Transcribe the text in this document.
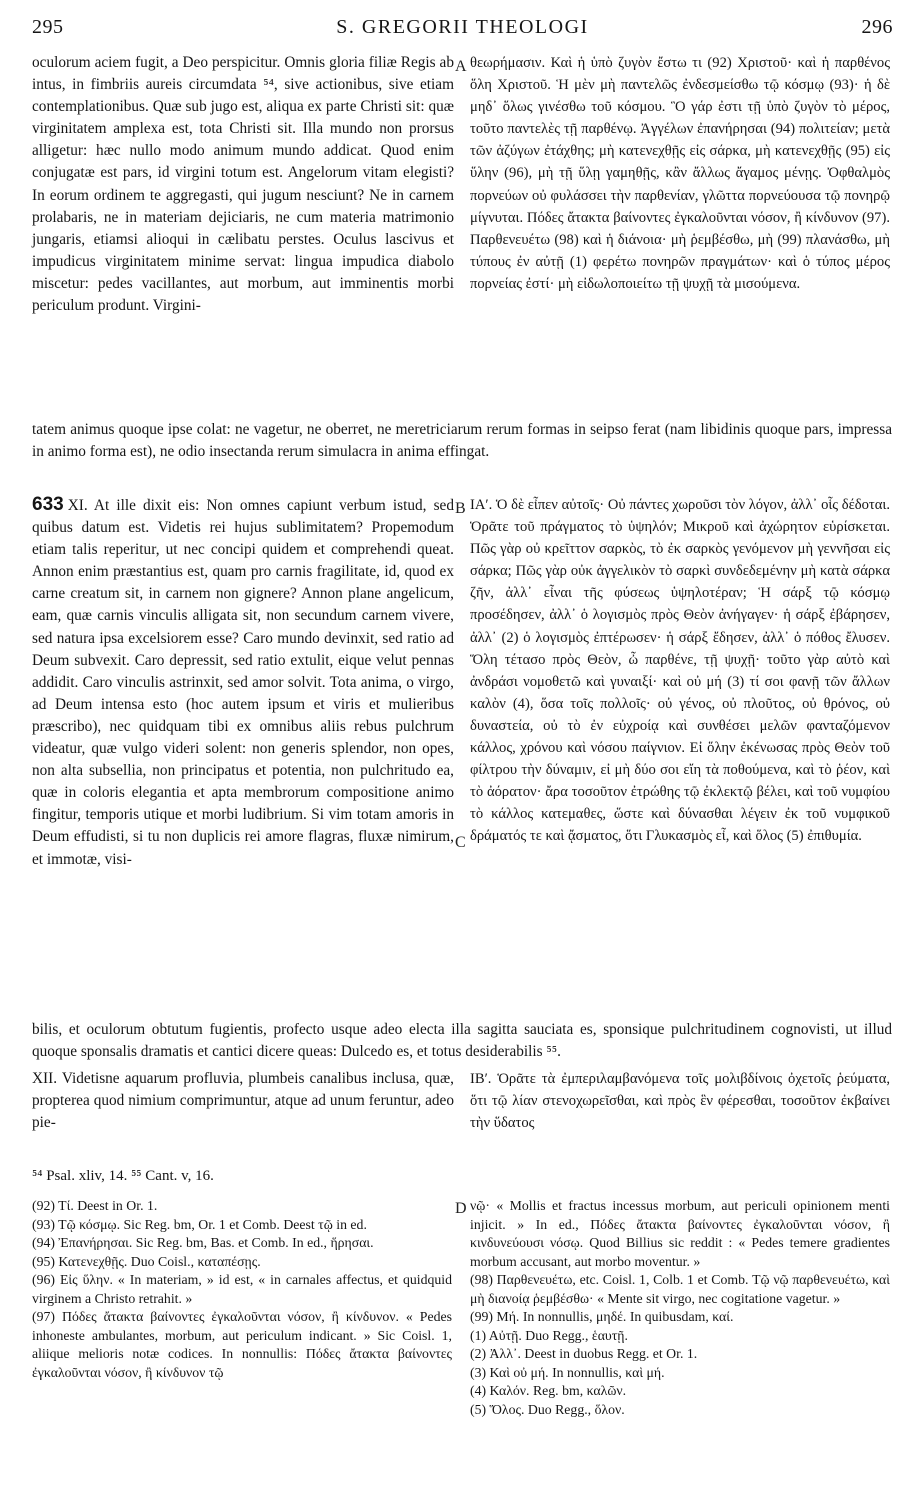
295	S. GREGORII THEOLOGI	296

oculorum aciem fugit, a Deo perspicitur. Omnis gloria filiæ Regis ab intus, in fimbriis aureis circumdata ⁵⁴, sive actionibus, sive etiam contemplationibus. Quæ sub jugo est, aliqua ex parte Christi sit: quæ virginitatem amplexa est, tota Christi sit. Illa mundo non prorsus alligetur: hæc nullo modo animum mundo addicat. Quod enim conjugatæ est pars, id virgini totum est. Angelorum vitam elegisti? In eorum ordinem te aggregasti, qui jugum nesciunt? Ne in carnem prolabaris, ne in materiam dejiciaris, ne cum materia matrimonio jungaris, etiamsi alioqui in cælibatu perstes. Oculus lascivus et impudicus virginitatem minime servat: lingua impudica diabolo miscetur: pedes vacillantes, aut morbum, aut imminentis morbi periculum produnt. Virgini-

A θεωρήμασιν. Καὶ ἡ ὑπὸ ζυγὸν ἔστω τι (92) Χριστοῦ· καὶ ἡ παρθένος ὅλη Χριστοῦ. Ἡ μὲν μὴ παντελῶς ἐνδεσμείσθω τῷ κόσμῳ (93)· ἡ δὲ μηδ᾽ ὅλως γινέσθω τοῦ κόσμου. Ὃ γάρ ἐστι τῇ ὑπὸ ζυγὸν τὸ μέρος, τοῦτο παντελὲς τῇ παρθένῳ. Ἀγγέλων ἐπανήρησαι (94) πολιτείαν; μετὰ τῶν ἀζύγων ἐτάχθης; μὴ κατενεχθῇς εἰς σάρκα, μὴ κατενεχθῇς (95) εἰς ὕλην (96), μὴ τῇ ὕλῃ γαμηθῇς, κἂν ἄλλως ἄγαμος μένῃς. Ὀφθαλμὸς πορνεύων οὐ φυλάσσει τὴν παρθενίαν, γλῶττα πορνεύουσα τῷ πονηρῷ μίγνυται. Πόδες ἄτακτα βαίνοντες ἐγκαλοῦνται νόσον, ἢ κίνδυνον (97). Παρθενευέτω (98) καὶ ἡ διάνοια· μὴ ῥεμβέσθω, μὴ (99) πλανάσθω, μὴ τύπους ἐν αὐτῇ (1) φερέτω πονηρῶν πραγμάτων· καὶ ὁ τύπος μέρος πορνείας ἐστί· μὴ εἰδωλοποιείτω τῇ ψυχῇ τὰ μισούμενα.

tatem animus quoque ipse colat: ne vagetur, ne oberret, ne meretriciarum rerum formas in seipso ferat (nam libidinis quoque pars, impressa in animo forma est), ne odio insectanda rerum simulacra in anima effingat.

633 XI. At ille dixit eis: Non omnes capiunt verbum istud, sed quibus datum est. Videtis rei hujus sublimitatem? Propemodum etiam talis reperitur, ut nec concipi quidem et comprehendi queat. Annon enim præstantius est, quam pro carnis fragilitate, id, quod ex carne creatum sit, in carnem non gignere? Annon plane angelicum, eam, quæ carnis vinculis alligata sit, non secundum carnem vivere, sed natura ipsa excelsiorem esse? Caro mundo devinxit, sed ratio ad Deum subvexit. Caro depressit, sed ratio extulit, eique velut pennas addidit. Caro vinculis astrinxit, sed amor solvit. Tota anima, o virgo, ad Deum intensa esto (hoc autem ipsum et viris et mulieribus præscribo), nec quidquam tibi ex omnibus aliis rebus pulchrum videatur, quæ vulgo videri solent: non generis splendor, non opes, non alta subsellia, non principatus et potentia, non pulchritudo ea, quæ in coloris elegantia et apta membrorum compositione animo fingitur, temporis utique et morbi ludibrium. Si vim totam amoris in Deum effudisti, si tu non duplicis rei amore flagras, fluxæ nimirum, et immotæ, visi-

B
C

ΙΑʹ. Ὁ δὲ εἶπεν αὐτοῖς· Οὐ πάντες χωροῦσι τὸν λόγον, ἀλλ᾽ οἷς δέδοται. Ὁρᾶτε τοῦ πράγματος τὸ ὑψηλόν; Μικροῦ καὶ ἀχώρητον εὑρίσκεται. Πῶς γὰρ οὐ κρεῖττον σαρκὸς, τὸ ἐκ σαρκὸς γενόμενον μὴ γεννῆσαι εἰς σάρκα; Πῶς γὰρ οὐκ ἀγγελικὸν τὸ σαρκὶ συνδεδεμένην μὴ κατὰ σάρκα ζῆν, ἀλλ᾽ εἶναι τῆς φύσεως ὑψηλοτέραν; Ἡ σάρξ τῷ κόσμῳ προσέδησεν, ἀλλ᾽ ὁ λογισμὸς πρὸς Θεὸν ἀνήγαγεν· ἡ σάρξ ἐβάρησεν, ἀλλ᾽ (2) ὁ λογισμὸς ἐπτέρωσεν· ἡ σάρξ ἔδησεν, ἀλλ᾽ ὁ πόθος ἔλυσεν. Ὅλη τέτασο πρὸς Θεὸν, ὦ παρθένε, τῇ ψυχῇ· τοῦτο γὰρ αὐτὸ καὶ ἀνδράσι νομοθετῶ καὶ γυναιξί· καὶ οὐ μή (3) τί σοι φανῇ τῶν ἄλλων καλὸν (4), ὅσα τοῖς πολλοῖς· οὐ γένος, οὐ πλοῦτος, οὐ θρόνος, οὐ δυναστεία, οὐ τὸ ἐν εὐχροίᾳ καὶ συνθέσει μελῶν φανταζόμενον κάλλος, χρόνου καὶ νόσου παίγνιον. Εἰ ὅλην ἐκένωσας πρὸς Θεὸν τοῦ φίλτρου τὴν δύναμιν, εἰ μὴ δύο σοι εἴη τὰ ποθούμενα, καὶ τὸ ῥέον, καὶ τὸ ἀόρατον· ἄρα τοσοῦτον ἐτρώθης τῷ ἐκλεκτῷ βέλει, καὶ τοῦ νυμφίου τὸ κάλλος κατεμαθες, ὥστε καὶ δύνασθαι λέγειν ἐκ τοῦ νυμφικοῦ δράματός τε καὶ ᾄσματος, ὅτι Γλυκασμὸς εἶ, καὶ ὅλος (5) ἐπιθυμία.

bilis, et oculorum obtutum fugientis, profecto usque adeo electa illa sagitta sauciata es, sponsique pulchritudinem cognovisti, ut illud quoque sponsalis dramatis et cantici dicere queas: Dulcedo es, et totus desiderabilis ⁵⁵.

XII. Videtisne aquarum profluvia, plumbeis canalibus inclusa, quæ, propterea quod nimium comprimuntur, atque ad unum feruntur, adeo pie-

ΙΒʹ. Ὁρᾶτε τὰ ἐμπεριλαμβανόμενα τοῖς μολιβδίνοις ὀχετοῖς ῥεύματα, ὅτι τῷ λίαν στενοχωρεῖσθαι, καὶ πρὸς ἓν φέρεσθαι, τοσοῦτον ἐκβαίνει τὴν ὕδατος

⁵⁴ Psal. xliv, 14. ⁵⁵ Cant. v, 16.
D

(92) Τί. Deest in Or. 1.

(93) Τῷ κόσμῳ. Sic Reg. bm, Or. 1 et Comb. Deest τῷ in ed.

(94) Ἐπανήρησαι. Sic Reg. bm, Bas. et Comb. In ed., ἥρησαι.

(95) Κατενεχθῇς. Duo Coisl., καταπέσῃς.

(96) Εἰς ὕλην. « In materiam, » id est, « in carnales affectus, et quidquid virginem a Christo retrahit. »

(97) Πόδες ἄτακτα βαίνοντες ἐγκαλοῦνται νόσον, ἢ κίνδυνον. « Pedes inhoneste ambulantes, morbum, aut periculum indicant. » Sic Coisl. 1, aliique melioris notæ codices. In nonnullis: Πόδες ἄτακτα βαίνοντες ἐγκαλοῦνται νόσον, ἢ κίνδυνον τῷ

νῷ· « Mollis et fractus incessus morbum, aut periculi opinionem menti injicit. » In ed., Πόδες ἄτακτα βαίνοντες ἐγκαλοῦνται νόσον, ἢ κινδυνεύουσι νόσῳ. Quod Billius sic reddit : « Pedes temere gradientes morbum accusant, aut morbo moventur. »

(98) Παρθενευέτω, etc. Coisl. 1, Colb. 1 et Comb. Τῷ νῷ παρθενευέτω, καὶ μὴ διανοίᾳ ῥεμβέσθω· « Mente sit virgo, nec cogitatione vagetur. »

(99) Μή. In nonnullis, μηδέ. In quibusdam, καί.

(1) Αὐτῇ. Duo Regg., ἑαυτῇ.

(2) Ἀλλ᾽. Deest in duobus Regg. et Or. 1.

(3) Καὶ οὐ μή. In nonnullis, καὶ μή.

(4) Καλόν. Reg. bm, καλῶν.

(5) Ὅλος. Duo Regg., ὅλον.
